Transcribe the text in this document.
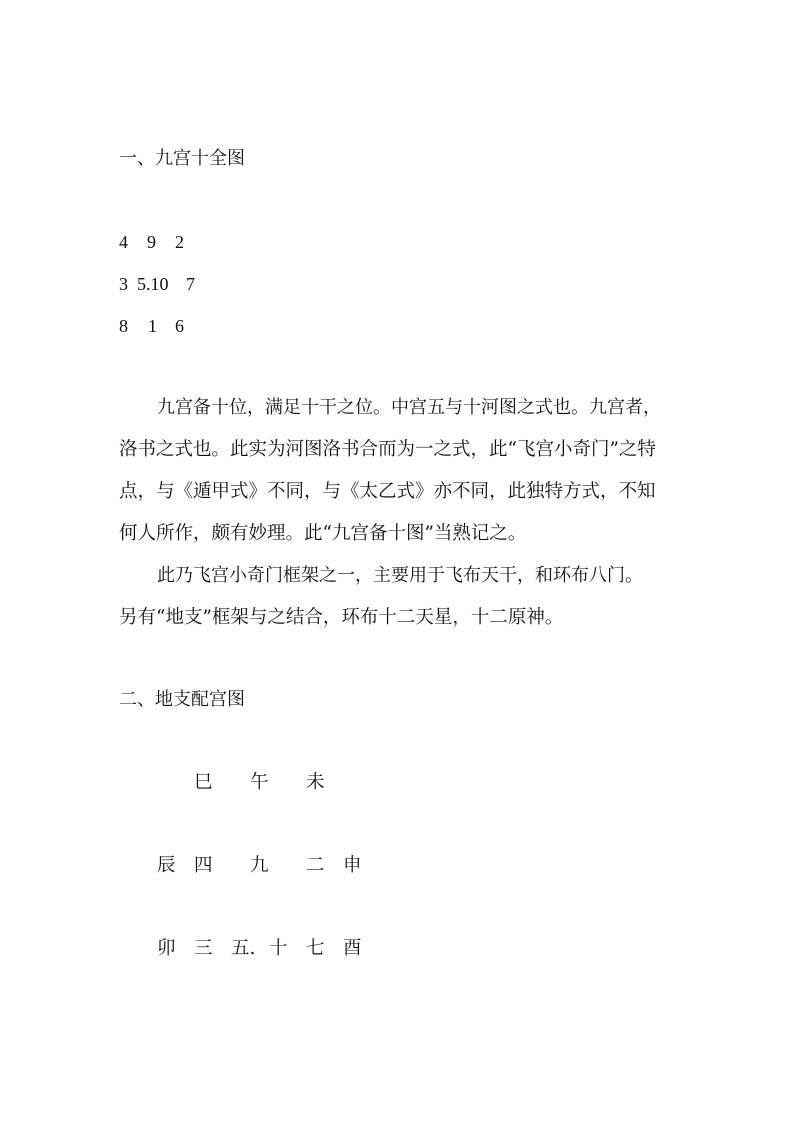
一、九宫十全图
4 9 2
3 5.10 7
8 1 6
九宫备十位，满足十干之位。中宫五与十河图之式也。九宫者，
洛书之式也。此实为河图洛书合而为一之式，此“飞宫小奇门”之特
点，与《遁甲式》不同，与《太乙式》亦不同，此独特方式，不知
何人所作，颇有妙理。此“九宫备十图”当熟记之。
此乃飞宫小奇门框架之一，主要用于飞布天干，和环布八门。
另有“地支”框架与之结合，环布十二天星，十二原神。
二、地支配宫图
巳 午 未
辰 四 九 二 申
卯 三 五. 十 七 酉
